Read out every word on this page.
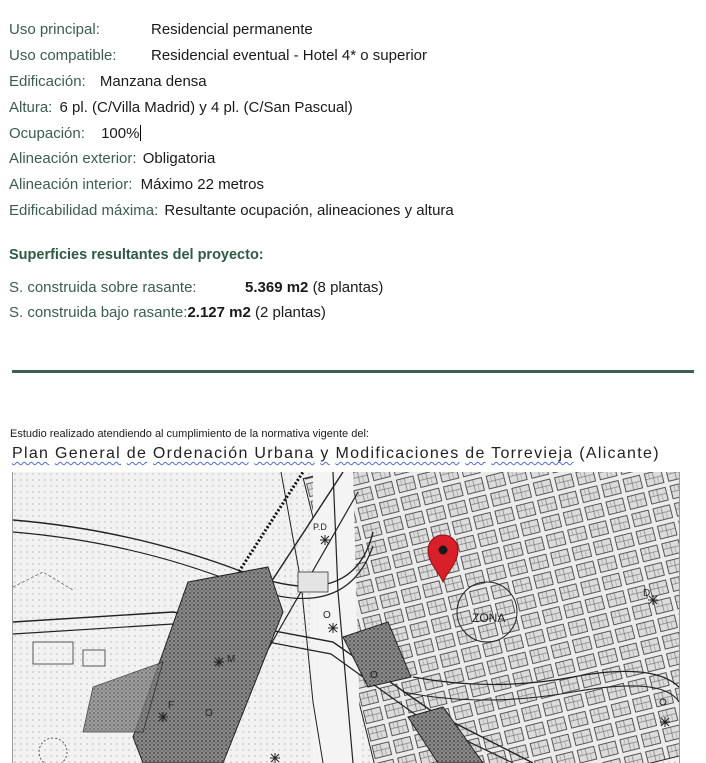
Uso principal:	Residencial permanente
Uso compatible: Residencial eventual - Hotel 4* o superior
Edificación: Manzana densa
Altura: 6 pl. (C/Villa Madrid) y 4 pl. (C/San Pascual)
Ocupación: 100%
Alineación exterior: Obligatoria
Alineación interior: Máximo 22 metros
Edificabilidad máxima: Resultante ocupación, alineaciones y altura
Superficies resultantes del proyecto:
S. construida sobre rasante:	5.369 m2 (8 plantas)
S. construida bajo rasante:2.127 m2 (2 plantas)
Estudio realizado atendiendo al cumplimiento de la normativa vigente del:
Plan General de Ordenación Urbana y Modificaciones de Torrevieja (Alicante)
ZONA
P.D
M
F
O
O
O
D
